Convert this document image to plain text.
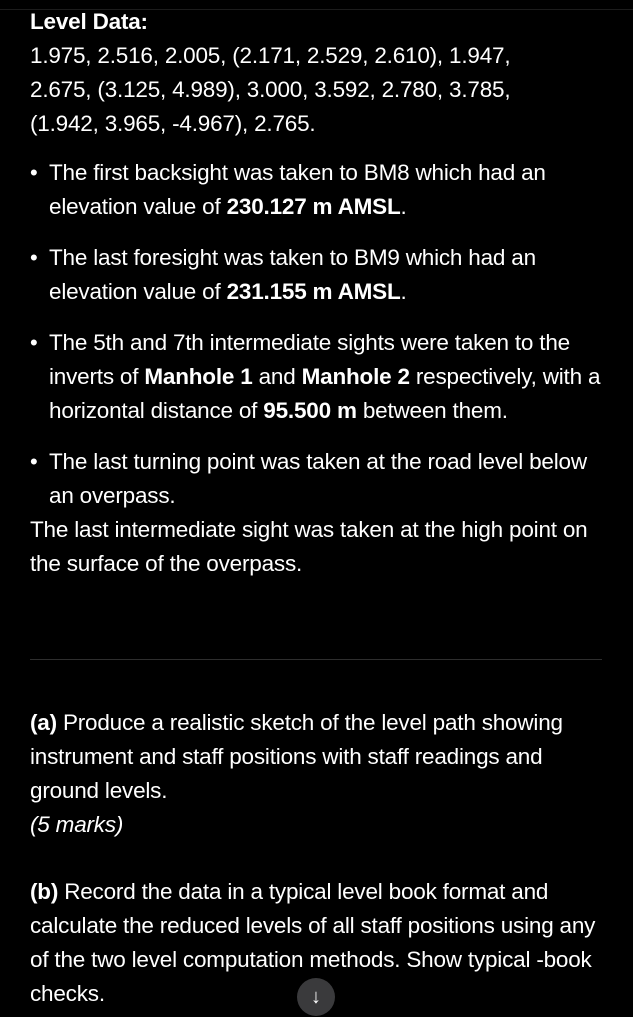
Level Data:
1.975, 2.516, 2.005, (2.171, 2.529, 2.610), 1.947,
2.675, (3.125, 4.989), 3.000, 3.592, 2.780, 3.785,
(1.942, 3.965, -4.967), 2.765.
• The first backsight was taken to BM8 which had an elevation value of 230.127 m AMSL.
• The last foresight was taken to BM9 which had an elevation value of 231.155 m AMSL.
• The 5th and 7th intermediate sights were taken to the inverts of Manhole 1 and Manhole 2 respectively, with a horizontal distance of 95.500 m between them.
• The last turning point was taken at the road level below an overpass.
The last intermediate sight was taken at the high point on the surface of the overpass.
(a) Produce a realistic sketch of the level path showing instrument and staff positions with staff readings and ground levels.
(5 marks)
(b) Record the data in a typical level book format and calculate the reduced levels of all staff positions using any of the two level computation methods. Show typical -book checks.	↓
